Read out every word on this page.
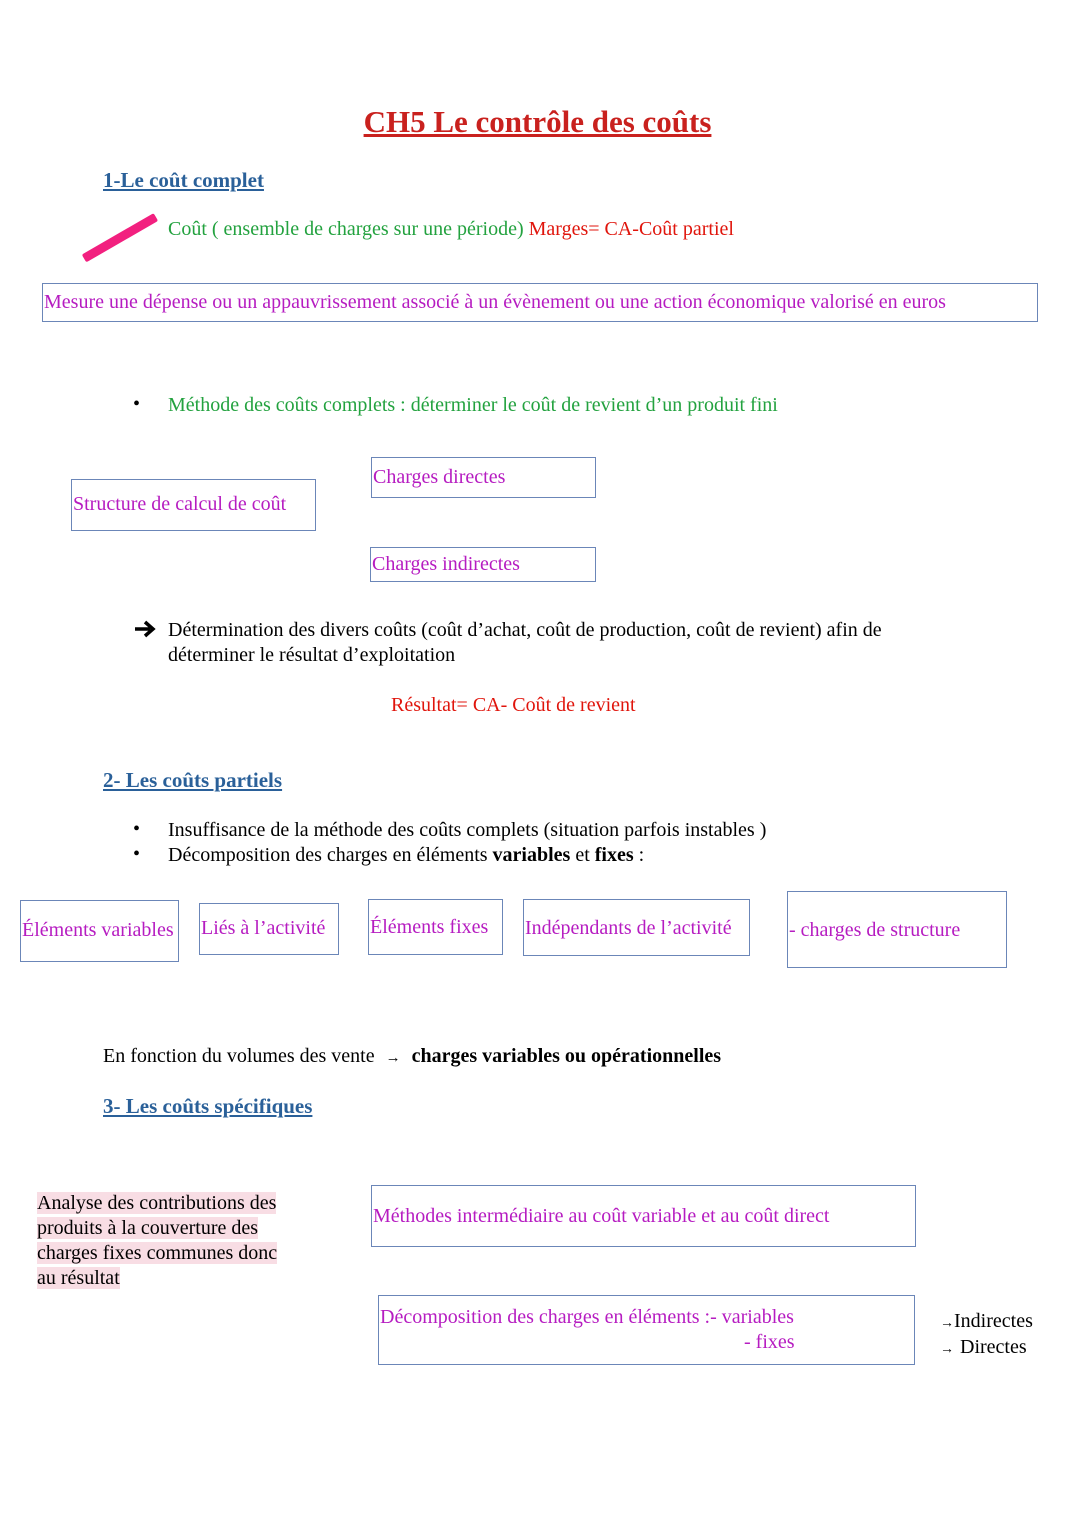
CH5 Le contrôle des coûts
1-Le coût complet
Coût ( ensemble de charges sur une période) Marges= CA-Coût partiel
Mesure une dépense ou un appauvrissement associé à un évènement ou une action économique valorisé en euros
• Méthode des coûts complets : déterminer le coût de revient d’un produit fini
Structure de calcul de coût
Charges directes
Charges indirectes
Détermination des divers coûts (coût d’achat, coût de production, coût de revient) afin de
déterminer le résultat d’exploitation
Résultat= CA- Coût de revient
2- Les coûts partiels
• Insuffisance de la méthode des coûts complets (situation parfois instables )
• Décomposition des charges en éléments variables et fixes :
Éléments variables Liés à l’activité Éléments fixes Indépendants de l’activité	- charges de structure
En fonction du volumes des vente → charges variables ou opérationnelles
3- Les coûts spécifiques
Analyse des contributions des
produits à la couverture des
charges fixes communes donc
au résultat
Méthodes intermédiaire au coût variable et au coût direct
Décomposition des charges en éléments :- variables
- fixes
→Indirectes
→ Directes
